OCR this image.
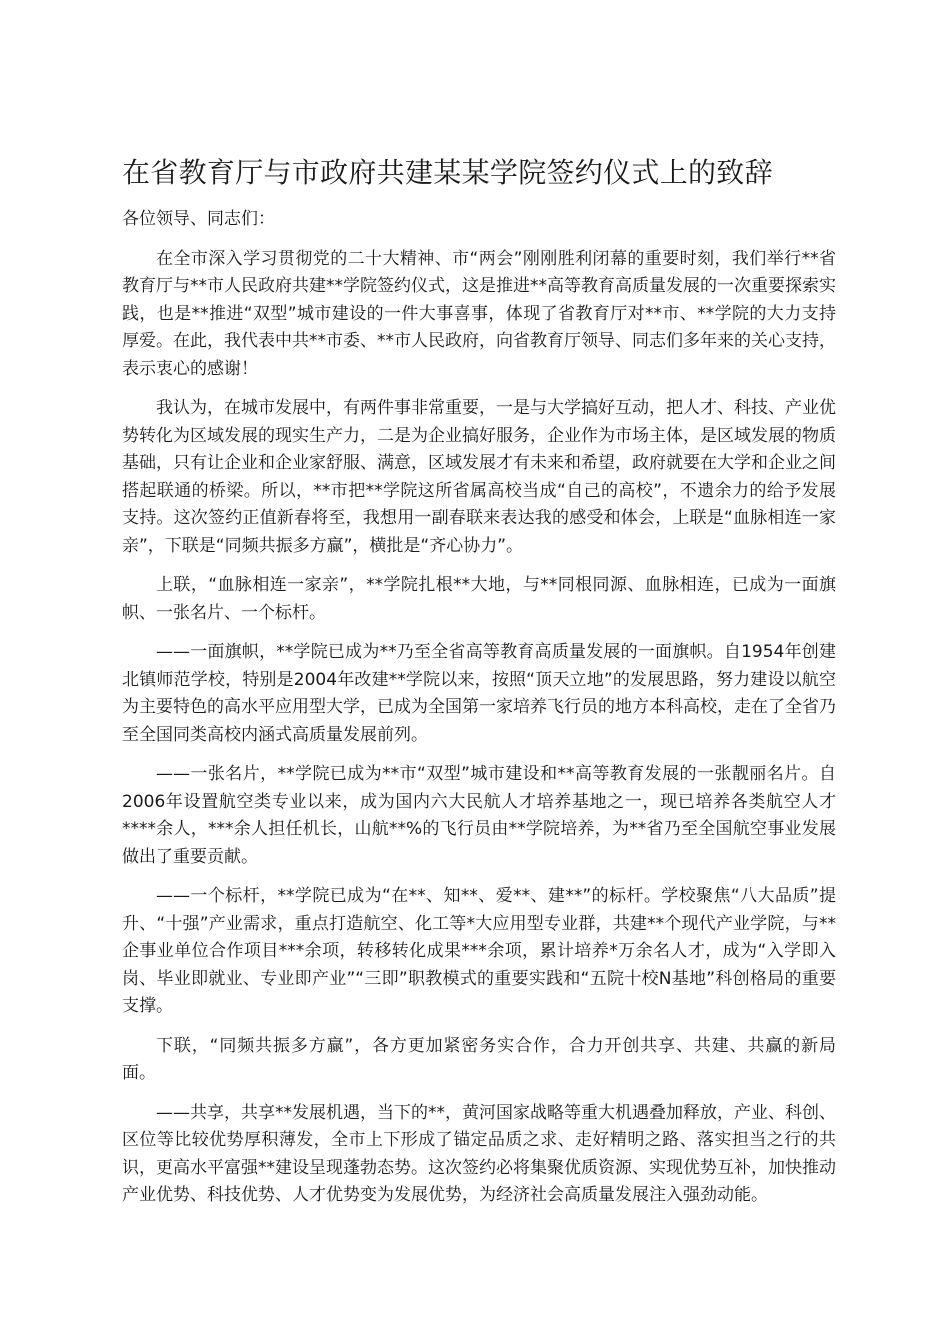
在省教育厅与市政府共建某某学院签约仪式上的致辞

各位领导、同志们：

在全市深入学习贯彻党的二十大精神、市“两会”刚刚胜利闭幕的重要时刻，我们举行**省教育厅与**市人民政府共建**学院签约仪式，这是推进**高等教育高质量发展的一次重要探索实践，也是**推进“双型”城市建设的一件大事喜事，体现了省教育厅对**市、**学院的大力支持厚爱。在此，我代表中共**市委、**市人民政府，向省教育厅领导、同志们多年来的关心支持，表示衷心的感谢！

我认为，在城市发展中，有两件事非常重要，一是与大学搞好互动，把人才、科技、产业优势转化为区域发展的现实生产力，二是为企业搞好服务，企业作为市场主体，是区域发展的物质基础，只有让企业和企业家舒服、满意，区域发展才有未来和希望，政府就要在大学和企业之间搭起联通的桥梁。所以，**市把**学院这所省属高校当成“自己的高校”，不遗余力的给予发展支持。这次签约正值新春将至，我想用一副春联来表达我的感受和体会，上联是“血脉相连一家亲”，下联是“同频共振多方赢”，横批是“齐心协力”。

上联，“血脉相连一家亲”，**学院扎根**大地，与**同根同源、血脉相连，已成为一面旗帜、一张名片、一个标杆。

——一面旗帜，**学院已成为**乃至全省高等教育高质量发展的一面旗帜。自1954年创建北镇师范学校，特别是2004年改建**学院以来，按照“顶天立地”的发展思路，努力建设以航空为主要特色的高水平应用型大学，已成为全国第一家培养飞行员的地方本科高校，走在了全省乃至全国同类高校内涵式高质量发展前列。

——一张名片，**学院已成为**市“双型”城市建设和**高等教育发展的一张靓丽名片。自2006年设置航空类专业以来，成为国内六大民航人才培养基地之一，现已培养各类航空人才****余人，***余人担任机长，山航**%的飞行员由**学院培养，为**省乃至全国航空事业发展做出了重要贡献。

——一个标杆，**学院已成为“在**、知**、爱**、建**”的标杆。学校聚焦“八大品质”提升、“十强”产业需求，重点打造航空、化工等*大应用型专业群，共建**个现代产业学院，与**企事业单位合作项目***余项，转移转化成果***余项，累计培养*万余名人才，成为“入学即入岗、毕业即就业、专业即产业”“三即”职教模式的重要实践和“五院十校N基地”科创格局的重要支撑。

下联，“同频共振多方赢”，各方更加紧密务实合作，合力开创共享、共建、共赢的新局面。

——共享，共享**发展机遇，当下的**，黄河国家战略等重大机遇叠加释放，产业、科创、区位等比较优势厚积薄发，全市上下形成了锚定品质之求、走好精明之路、落实担当之行的共识，更高水平富强**建设呈现蓬勃态势。这次签约必将集聚优质资源、实现优势互补，加快推动产业优势、科技优势、人才优势变为发展优势，为经济社会高质量发展注入强劲动能。
